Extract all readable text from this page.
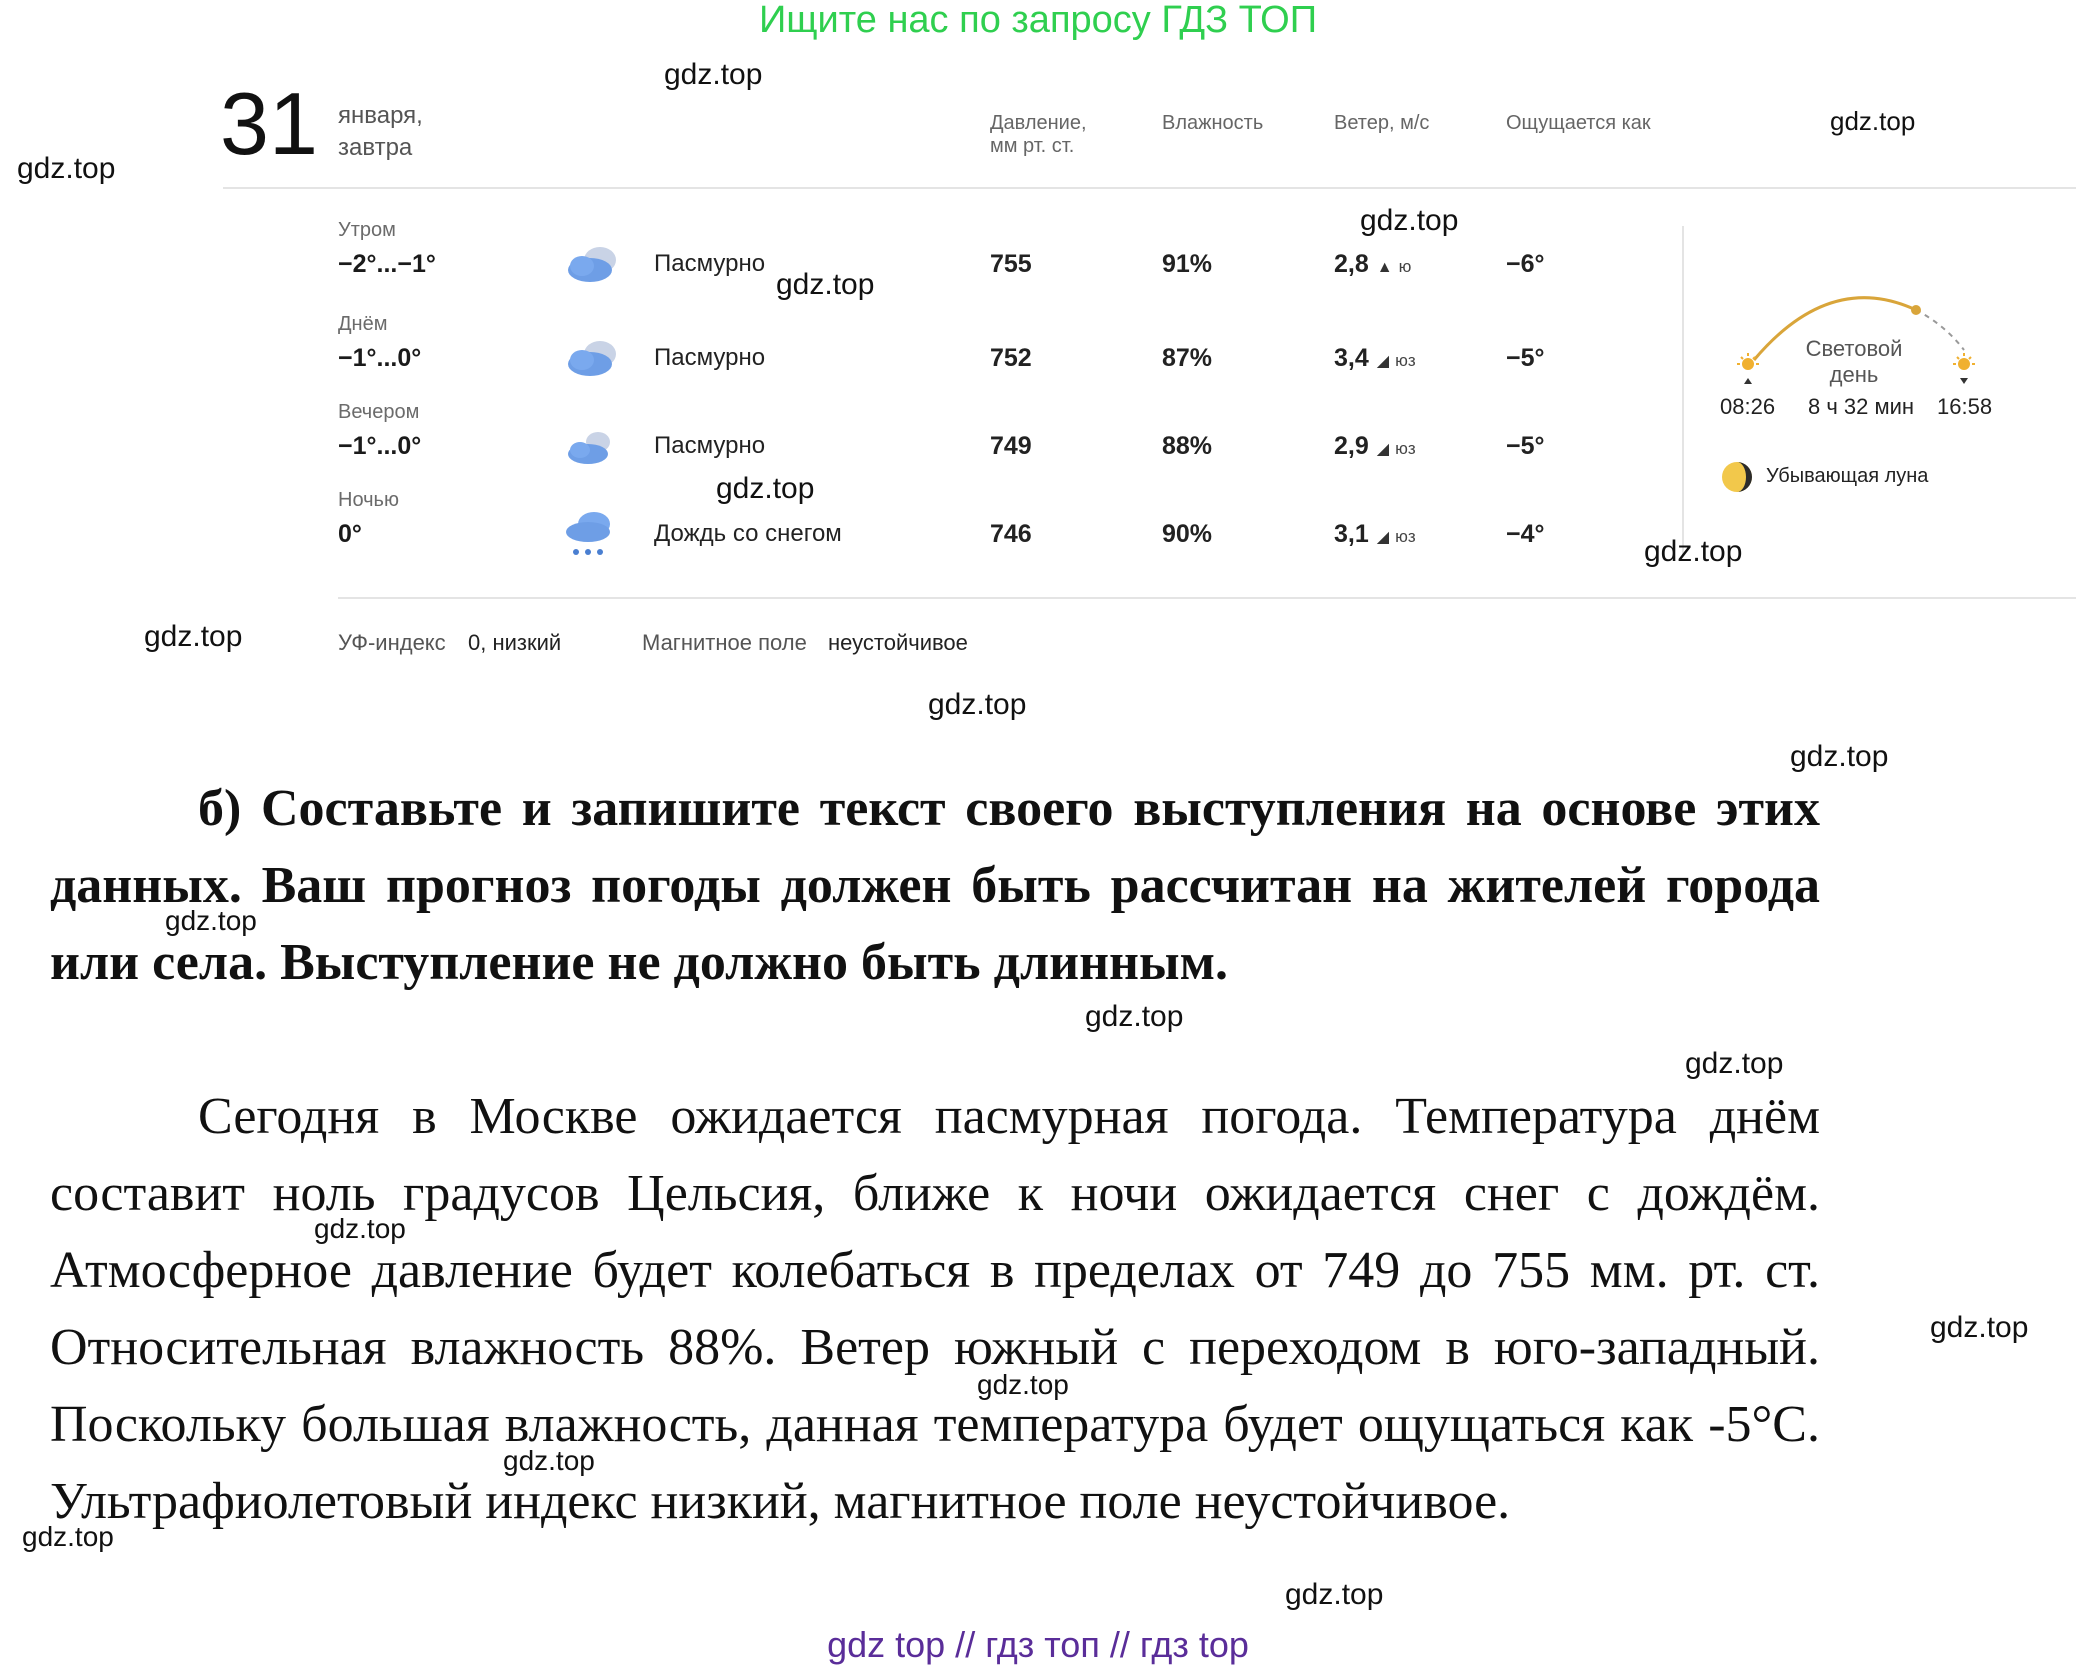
Ищите нас по запросу ГДЗ ТОП
31 января,
завтра
Давление,
мм рт. ст.
Влажность	Ветер, м/с	Ощущается как
Утром
−2°...−1°	Пасмурно	755	91%	2,8 ▲ ю	−6°
Днём
−1°...0°	Пасмурно	752	87%	3,4 ◢ юз	−5°
Вечером
−1°...0°	Пасмурно	749	88%	2,9 ◢ юз	−5°
Ночью
0°	Дождь со снегом	746	90%	3,1 ◢ юз	−4°
Световой
день
08:26 8 ч 32 мин 16:58
Убывающая луна
УФ-индекс 0, низкий	Магнитное поле неустойчивое
б) Составьте и запишите текст своего выступления на основе этих данных. Ваш прогноз погоды должен быть рассчитан на жителей города или села. Выступление не должно быть длинным.
Сегодня в Москве ожидается пасмурная погода. Температура днём составит ноль градусов Цельсия, ближе к ночи ожидается снег с дождём. Атмосферное давление будет колебаться в пределах от 749 до 755 мм. рт. ст. Относительная влажность 88%. Ветер южный с переходом в юго-западный. Поскольку большая влажность, данная температура будет ощущаться как -5°C. Ультрафиолетовый индекс низкий, магнитное поле неустойчивое.
gdz.top
gdz.top
gdz.top
gdz.top
gdz.top
gdz.top
gdz.top
gdz.top
gdz.top
gdz.top
gdz.top
gdz.top
gdz.top
gdz.top
gdz.top
gdz.top
gdz.top
gdz.top
gdz.top
gdz top // гдз топ // гдз top
